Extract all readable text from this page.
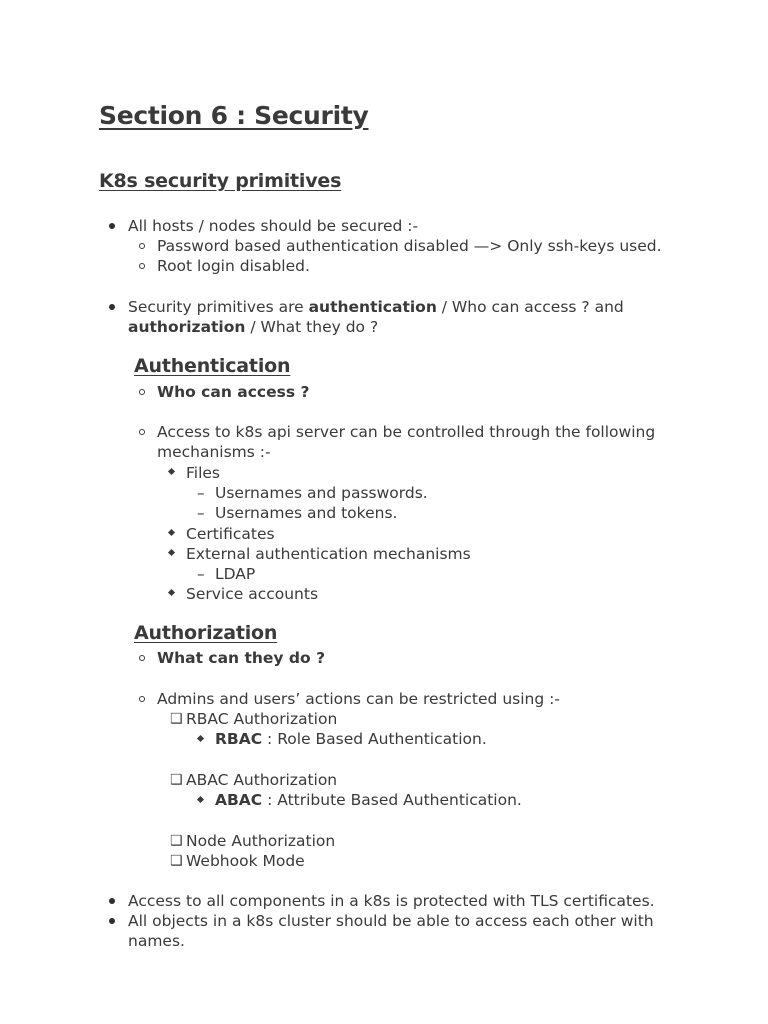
Section 6 : Security
K8s security primitives
All hosts / nodes should be secured :-
Password based authentication disabled —> Only ssh-keys used.
Root login disabled.
Security primitives are authentication / Who can access ? and
authorization / What they do ?
Authentication
Who can access ?
Access to k8s api server can be controlled through the following
mechanisms :-
Files
– Usernames and passwords.
– Usernames and tokens.
Certificates
External authentication mechanisms
– LDAP
Service accounts
Authorization
What can they do ?
Admins and users’ actions can be restricted using :-
❑ RBAC Authorization
RBAC : Role Based Authentication.
❑ ABAC Authorization
ABAC : Attribute Based Authentication.
❑ Node Authorization
❑ Webhook Mode
Access to all components in a k8s is protected with TLS certificates.
All objects in a k8s cluster should be able to access each other with
names.
